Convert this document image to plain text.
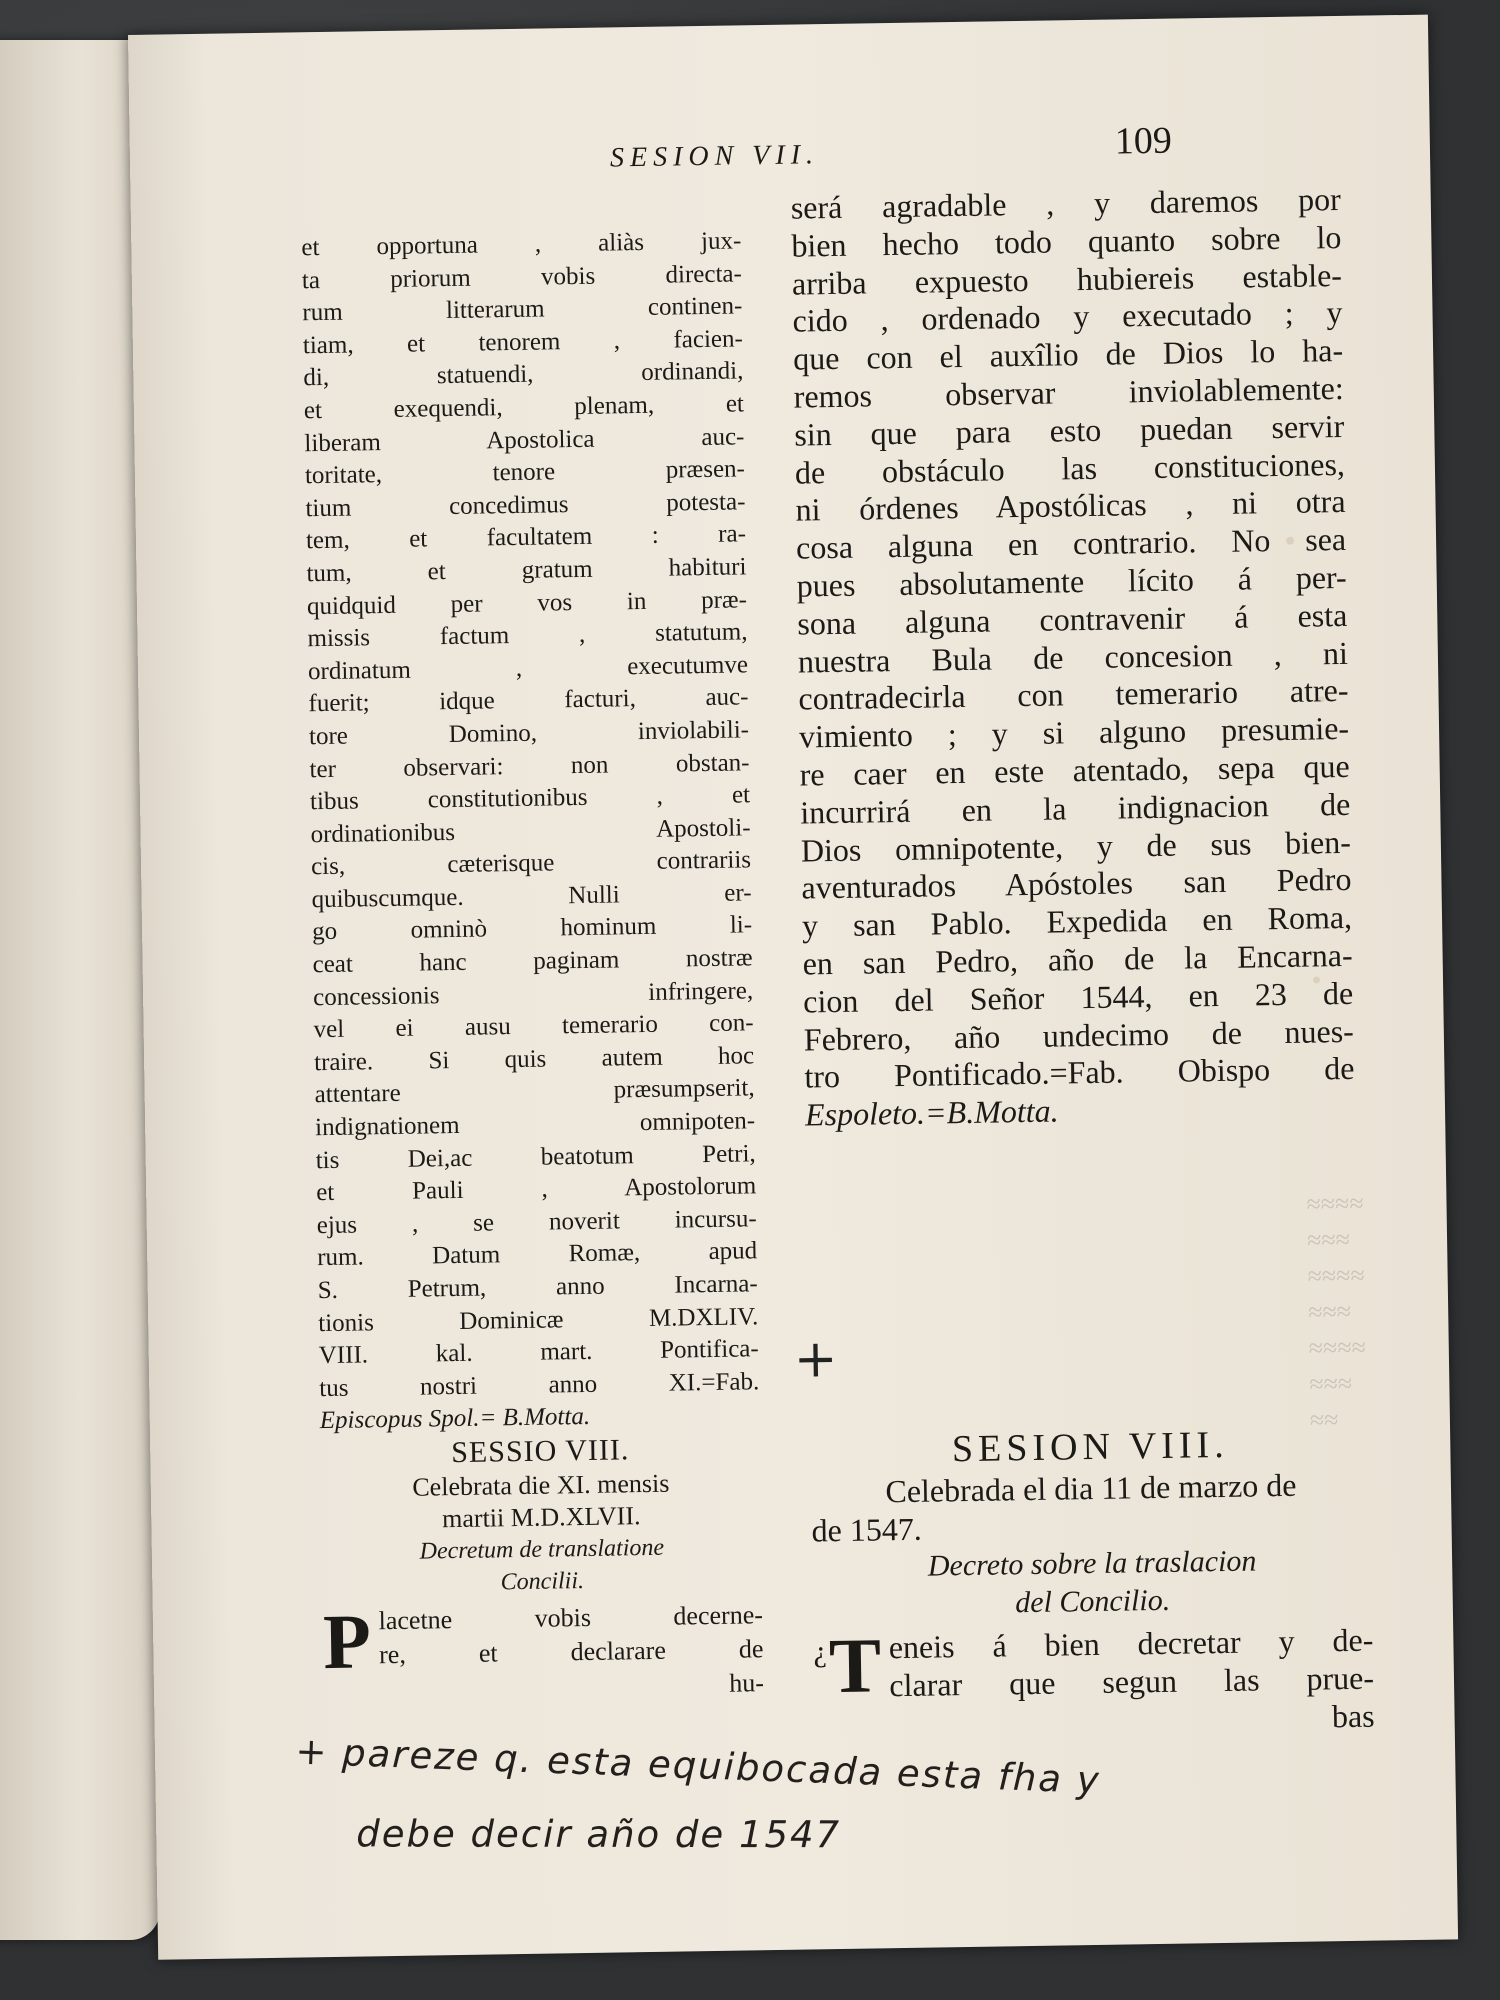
SESION VII.	109
et opportuna , aliàs jux-
ta priorum vobis directa-
rum litterarum continen-
tiam, et tenorem , facien-
di, statuendi, ordinandi,
et exequendi, plenam, et
liberam Apostolica auc-
toritate, tenore præsen-
tium concedimus potesta-
tem, et facultatem : ra-
tum, et gratum habituri
quidquid per vos in præ-
missis factum , statutum,
ordinatum , executumve
fuerit; idque facturi, auc-
tore Domino, inviolabili-
ter observari: non obstan-
tibus constitutionibus , et
ordinationibus Apostoli-
cis, cæterisque contrariis
quibuscumque. Nulli er-
go omninò hominum li-
ceat hanc paginam nostræ
concessionis infringere,
vel ei ausu temerario con-
traire. Si quis autem hoc
attentare præsumpserit,
indignationem omnipoten-
tis Dei,ac beatotum Petri,
et Pauli , Apostolorum
ejus , se noverit incursu-
rum. Datum Romæ, apud
S. Petrum, anno Incarna-
tionis Dominicæ M.DXLIV.
VIII. kal. mart. Pontifica-
tus nostri anno XI.=Fab.
Episcopus Spol.= B.Motta.
será agradable , y daremos por
bien hecho todo quanto sobre lo
arriba expuesto hubiereis estable-
cido , ordenado y executado ; y
que con el auxîlio de Dios lo ha-
remos observar inviolablemente:
sin que para esto puedan servir
de obstáculo las constituciones,
ni órdenes Apostólicas , ni otra
cosa alguna en contrario. No sea
pues absolutamente lícito á per-
sona alguna contravenir á esta
nuestra Bula de concesion , ni
contradecirla con temerario atre-
vimiento ; y si alguno presumie-
re caer en este atentado, sepa que
incurrirá en la indignacion de
Dios omnipotente, y de sus bien-
aventurados Apóstoles san Pedro
y san Pablo. Expedida en Roma,
en san Pedro, año de la Encarna-
cion del Señor 1544, en 23 de
Febrero, año undecimo de nues-
tro Pontificado.=Fab. Obispo de
Espoleto.=B.Motta.
≈≈≈≈
≈≈≈
≈≈≈≈
≈≈≈
≈≈≈≈
≈≈≈
≈≈
+
SESSIO VIII.
Celebrata die XI. mensis
martii M.D.XLVII.
Decretum de translatione
Concilii.
P lacetne vobis decerne-
re, et declarare de
hu-
SESION VIII.
Celebrada el dia 11 de marzo de
de 1547.
Decreto sobre la traslacion
del Concilio.
¿ T eneis á bien decretar y de-
clarar que segun las prue-
bas
+ pareze q. esta equibocada esta fha y
debe decir año de 1547
